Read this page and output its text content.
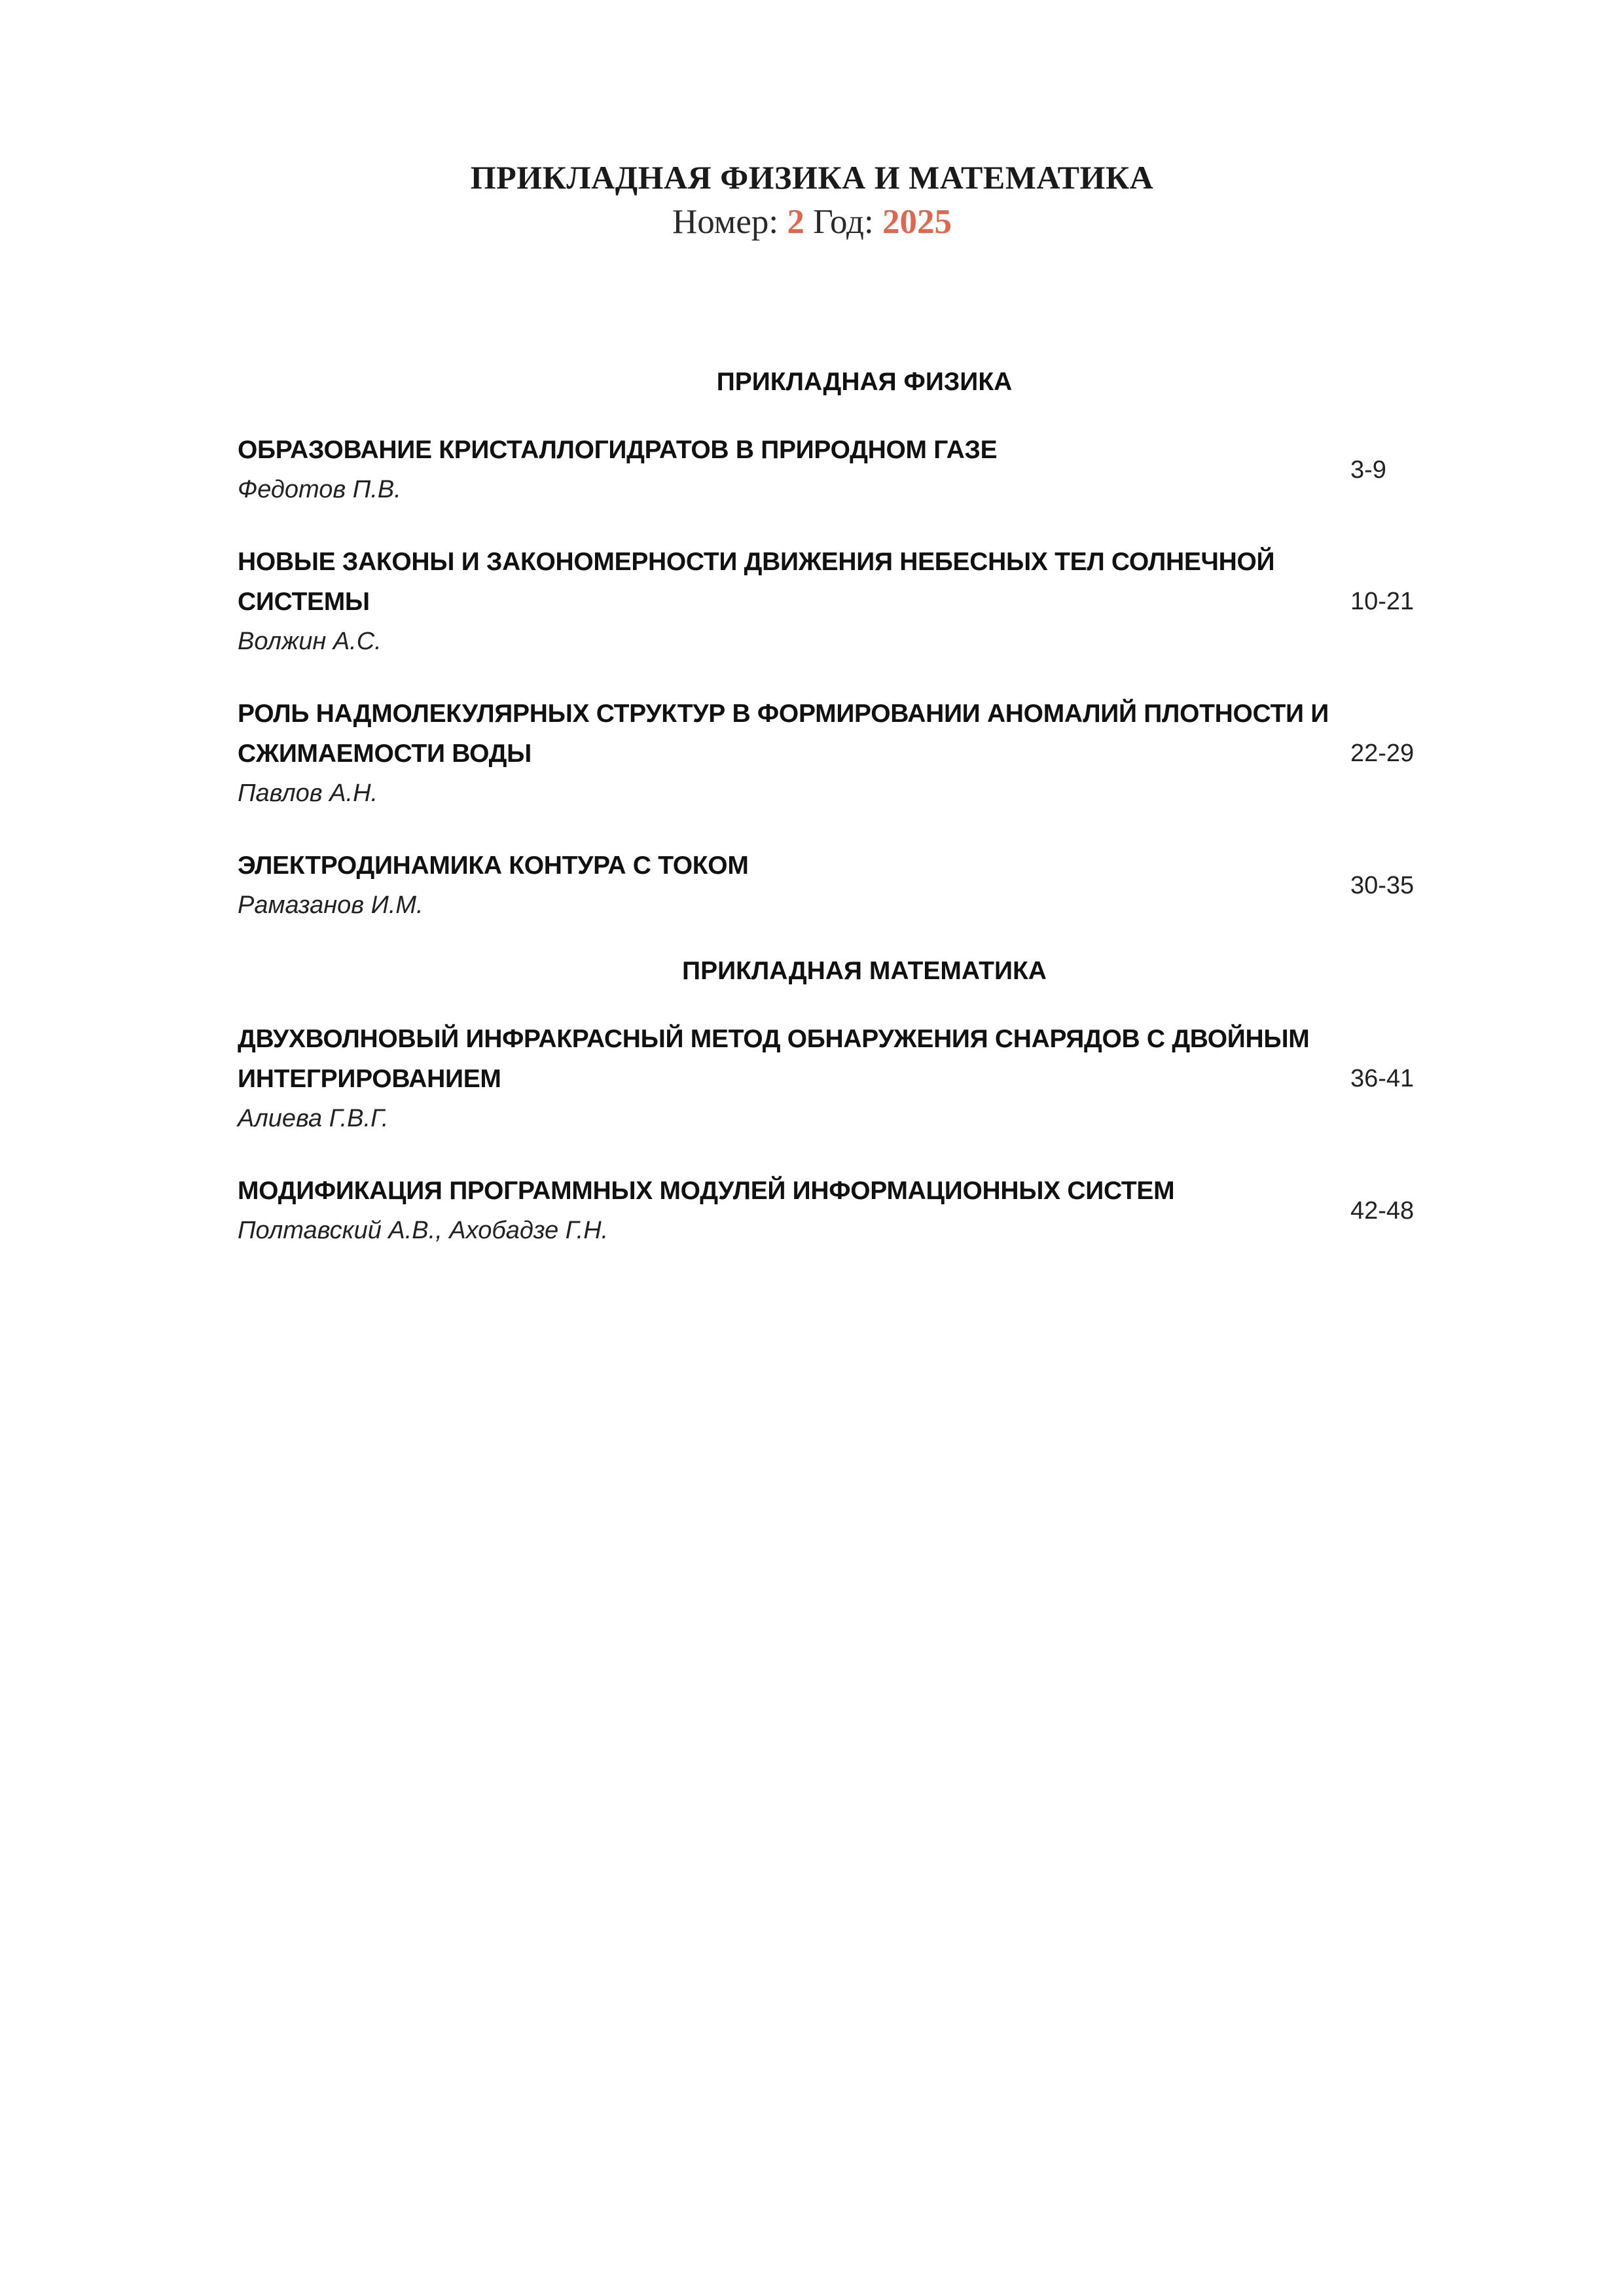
ПРИКЛАДНАЯ ФИЗИКА И МАТЕМАТИКА
Номер: 2 Год: 2025
ПРИКЛАДНАЯ ФИЗИКА
ОБРАЗОВАНИЕ КРИСТАЛЛОГИДРАТОВ В ПРИРОДНОМ ГАЗЕ
Федотов П.В.
3-9
НОВЫЕ ЗАКОНЫ И ЗАКОНОМЕРНОСТИ ДВИЖЕНИЯ НЕБЕСНЫХ ТЕЛ СОЛНЕЧНОЙ СИСТЕМЫ
Волжин А.С.
10-21
РОЛЬ НАДМОЛЕКУЛЯРНЫХ СТРУКТУР В ФОРМИРОВАНИИ АНОМАЛИЙ ПЛОТНОСТИ И СЖИМАЕМОСТИ ВОДЫ
Павлов А.Н.
22-29
ЭЛЕКТРОДИНАМИКА КОНТУРА С ТОКОМ
Рамазанов И.М.
30-35
ПРИКЛАДНАЯ МАТЕМАТИКА
ДВУХВОЛНОВЫЙ ИНФРАКРАСНЫЙ МЕТОД ОБНАРУЖЕНИЯ СНАРЯДОВ С ДВОЙНЫМ ИНТЕГРИРОВАНИЕМ
Алиева Г.В.Г.
36-41
МОДИФИКАЦИЯ ПРОГРАММНЫХ МОДУЛЕЙ ИНФОРМАЦИОННЫХ СИСТЕМ
Полтавский А.В., Ахобадзе Г.Н.
42-48
